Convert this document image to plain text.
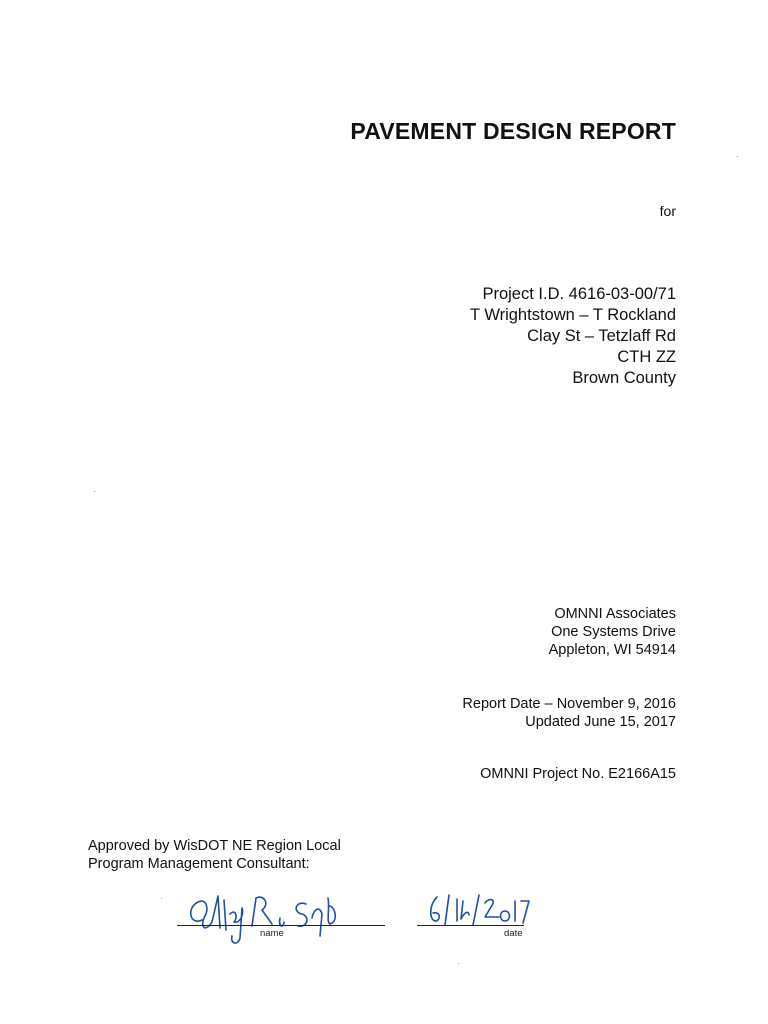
PAVEMENT DESIGN REPORT
for
Project I.D. 4616-03-00/71
T Wrightstown – T Rockland
Clay St – Tetzlaff Rd
CTH ZZ
Brown County
OMNNI Associates
One Systems Drive
Appleton, WI 54914
Report Date – November 9, 2016
Updated June 15, 2017
OMNNI Project No. E2166A15
Approved by WisDOT NE Region Local
Program Management Consultant:
name	date
